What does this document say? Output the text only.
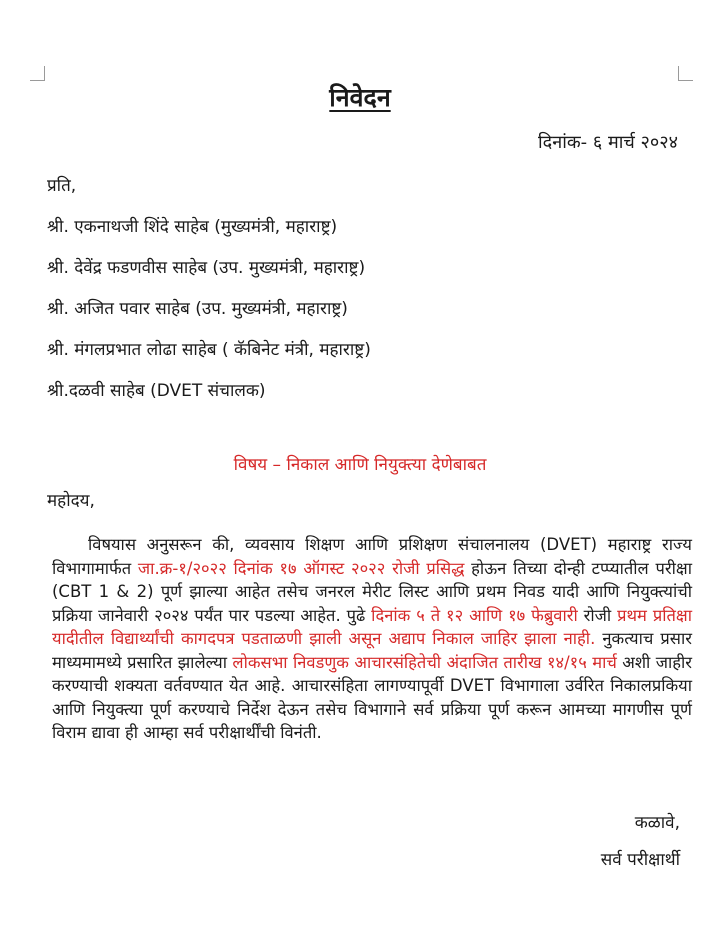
निवेदन
दिनांक- ६ मार्च २०२४
प्रति,
श्री. एकनाथजी शिंदे साहेब (मुख्यमंत्री, महाराष्ट्र)
श्री. देवेंद्र फडणवीस साहेब (उप. मुख्यमंत्री, महाराष्ट्र)
श्री. अजित पवार साहेब (उप. मुख्यमंत्री, महाराष्ट्र)
श्री. मंगलप्रभात लोढा साहेब ( कॅबिनेट मंत्री, महाराष्ट्र)
श्री.दळवी साहेब (DVET संचालक)
विषय – निकाल आणि नियुक्त्या देणेबाबत
महोदय,
विषयास अनुसरून की, व्यवसाय शिक्षण आणि प्रशिक्षण संचालनालय (DVET) महाराष्ट्र राज्य विभागामार्फत जा.क्र-१/२०२२ दिनांक १७ ऑगस्ट २०२२ रोजी प्रसिद्ध होऊन तिच्या दोन्ही टप्प्यातील परीक्षा (CBT 1 & 2) पूर्ण झाल्या आहेत तसेच जनरल मेरीट लिस्ट आणि प्रथम निवड यादी आणि नियुक्त्यांची प्रक्रिया जानेवारी २०२४ पर्यंत पार पडल्या आहेत. पुढे दिनांक ५ ते १२ आणि १७ फेब्रुवारी रोजी प्रथम प्रतिक्षा यादीतील विद्यार्थ्यांची कागदपत्र पडताळणी झाली असून अद्याप निकाल जाहिर झाला नाही. नुकत्याच प्रसार माध्यमामध्ये प्रसारित झालेल्या लोकसभा निवडणुक आचारसंहितेची अंदाजित तारीख १४/१५ मार्च अशी जाहीर करण्याची शक्यता वर्तवण्यात येत आहे. आचारसंहिता लागण्यापूर्वी DVET विभागाला उर्वरित निकालप्रकिया आणि नियुक्त्या पूर्ण करण्याचे निर्देश देऊन तसेच विभागाने सर्व प्रक्रिया पूर्ण करून आमच्या मागणीस पूर्ण विराम द्यावा ही आम्हा सर्व परीक्षार्थींची विनंती.
कळावे,
सर्व परीक्षार्थी
